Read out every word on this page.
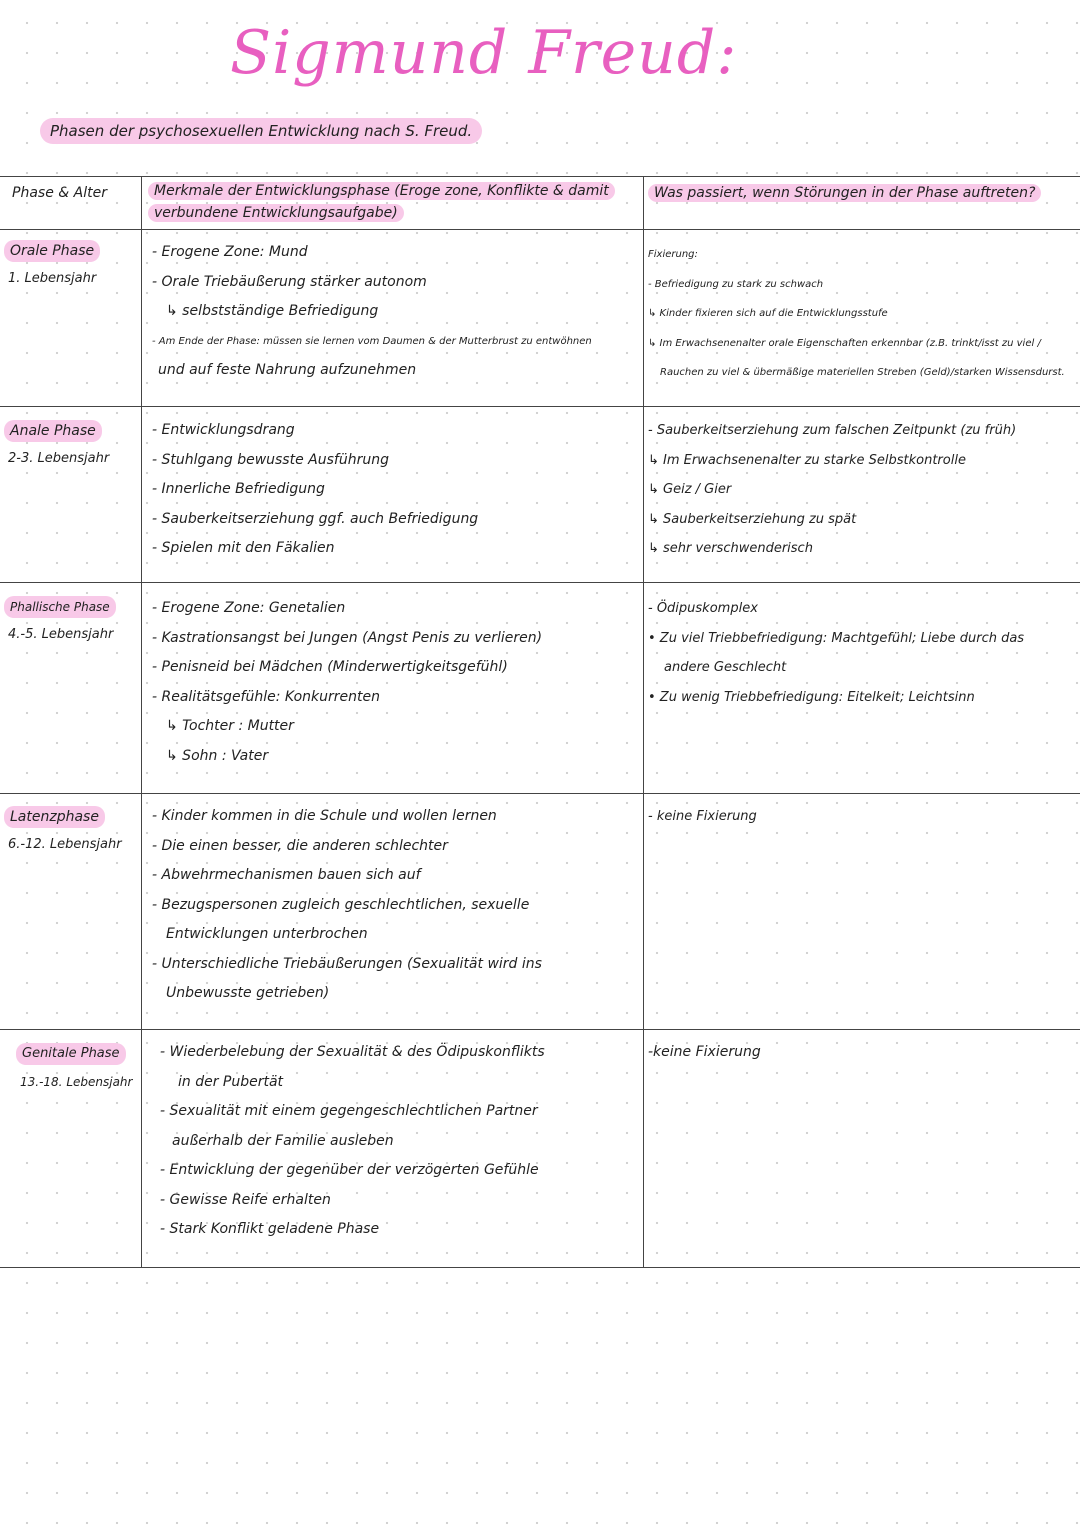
Sigmund Freud:
Phasen der psychosexuellen Entwicklung nach S. Freud.
Phase & Alter	Merkmale der Entwicklungsphase (Eroge zone, Konflikte & damit
verbundene Entwicklungsaufgabe)
Was passiert, wenn Störungen in der Phase auftreten?
Orale Phase
1. Lebensjahr
- Erogene Zone: Mund
- Orale Triebäußerung stärker autonom
↳ selbstständige Befriedigung
- Am Ende der Phase: müssen sie lernen vom Daumen & der Mutterbrust zu entwöhnen
und auf feste Nahrung aufzunehmen
Fixierung:
- Befriedigung zu stark zu schwach
↳ Kinder fixieren sich auf die Entwicklungsstufe
↳ Im Erwachsenenalter orale Eigenschaften erkennbar (z.B. trinkt/isst zu viel /
Rauchen zu viel & übermäßige materiellen Streben (Geld)/starken Wissensdurst.
Anale Phase
2-3. Lebensjahr
- Entwicklungsdrang
- Stuhlgang bewusste Ausführung
- Innerliche Befriedigung
- Sauberkeitserziehung ggf. auch Befriedigung
- Spielen mit den Fäkalien
- Sauberkeitserziehung zum falschen Zeitpunkt (zu früh)
↳ Im Erwachsenenalter zu starke Selbstkontrolle
↳ Geiz / Gier
↳ Sauberkeitserziehung zu spät
↳ sehr verschwenderisch
Phallische Phase
4.-5. Lebensjahr
- Erogene Zone: Genetalien
- Kastrationsangst bei Jungen (Angst Penis zu verlieren)
- Penisneid bei Mädchen (Minderwertigkeitsgefühl)
- Realitätsgefühle: Konkurrenten
↳ Tochter : Mutter
↳ Sohn : Vater
- Ödipuskomplex
• Zu viel Triebbefriedigung: Machtgefühl; Liebe durch das
andere Geschlecht
• Zu wenig Triebbefriedigung: Eitelkeit; Leichtsinn
Latenzphase
6.-12. Lebensjahr
- Kinder kommen in die Schule und wollen lernen
- Die einen besser, die anderen schlechter
- Abwehrmechanismen bauen sich auf
- Bezugspersonen zugleich geschlechtlichen, sexuelle
Entwicklungen unterbrochen
- Unterschiedliche Triebäußerungen (Sexualität wird ins
Unbewusste getrieben)
- keine Fixierung
Genitale Phase
13.-18. Lebensjahr
- Wiederbelebung der Sexualität & des Ödipuskonflikts
in der Pubertät
- Sexualität mit einem gegengeschlechtlichen Partner
außerhalb der Familie ausleben
- Entwicklung der gegenüber der verzögerten Gefühle
- Gewisse Reife erhalten
- Stark Konflikt geladene Phase
-keine Fixierung
